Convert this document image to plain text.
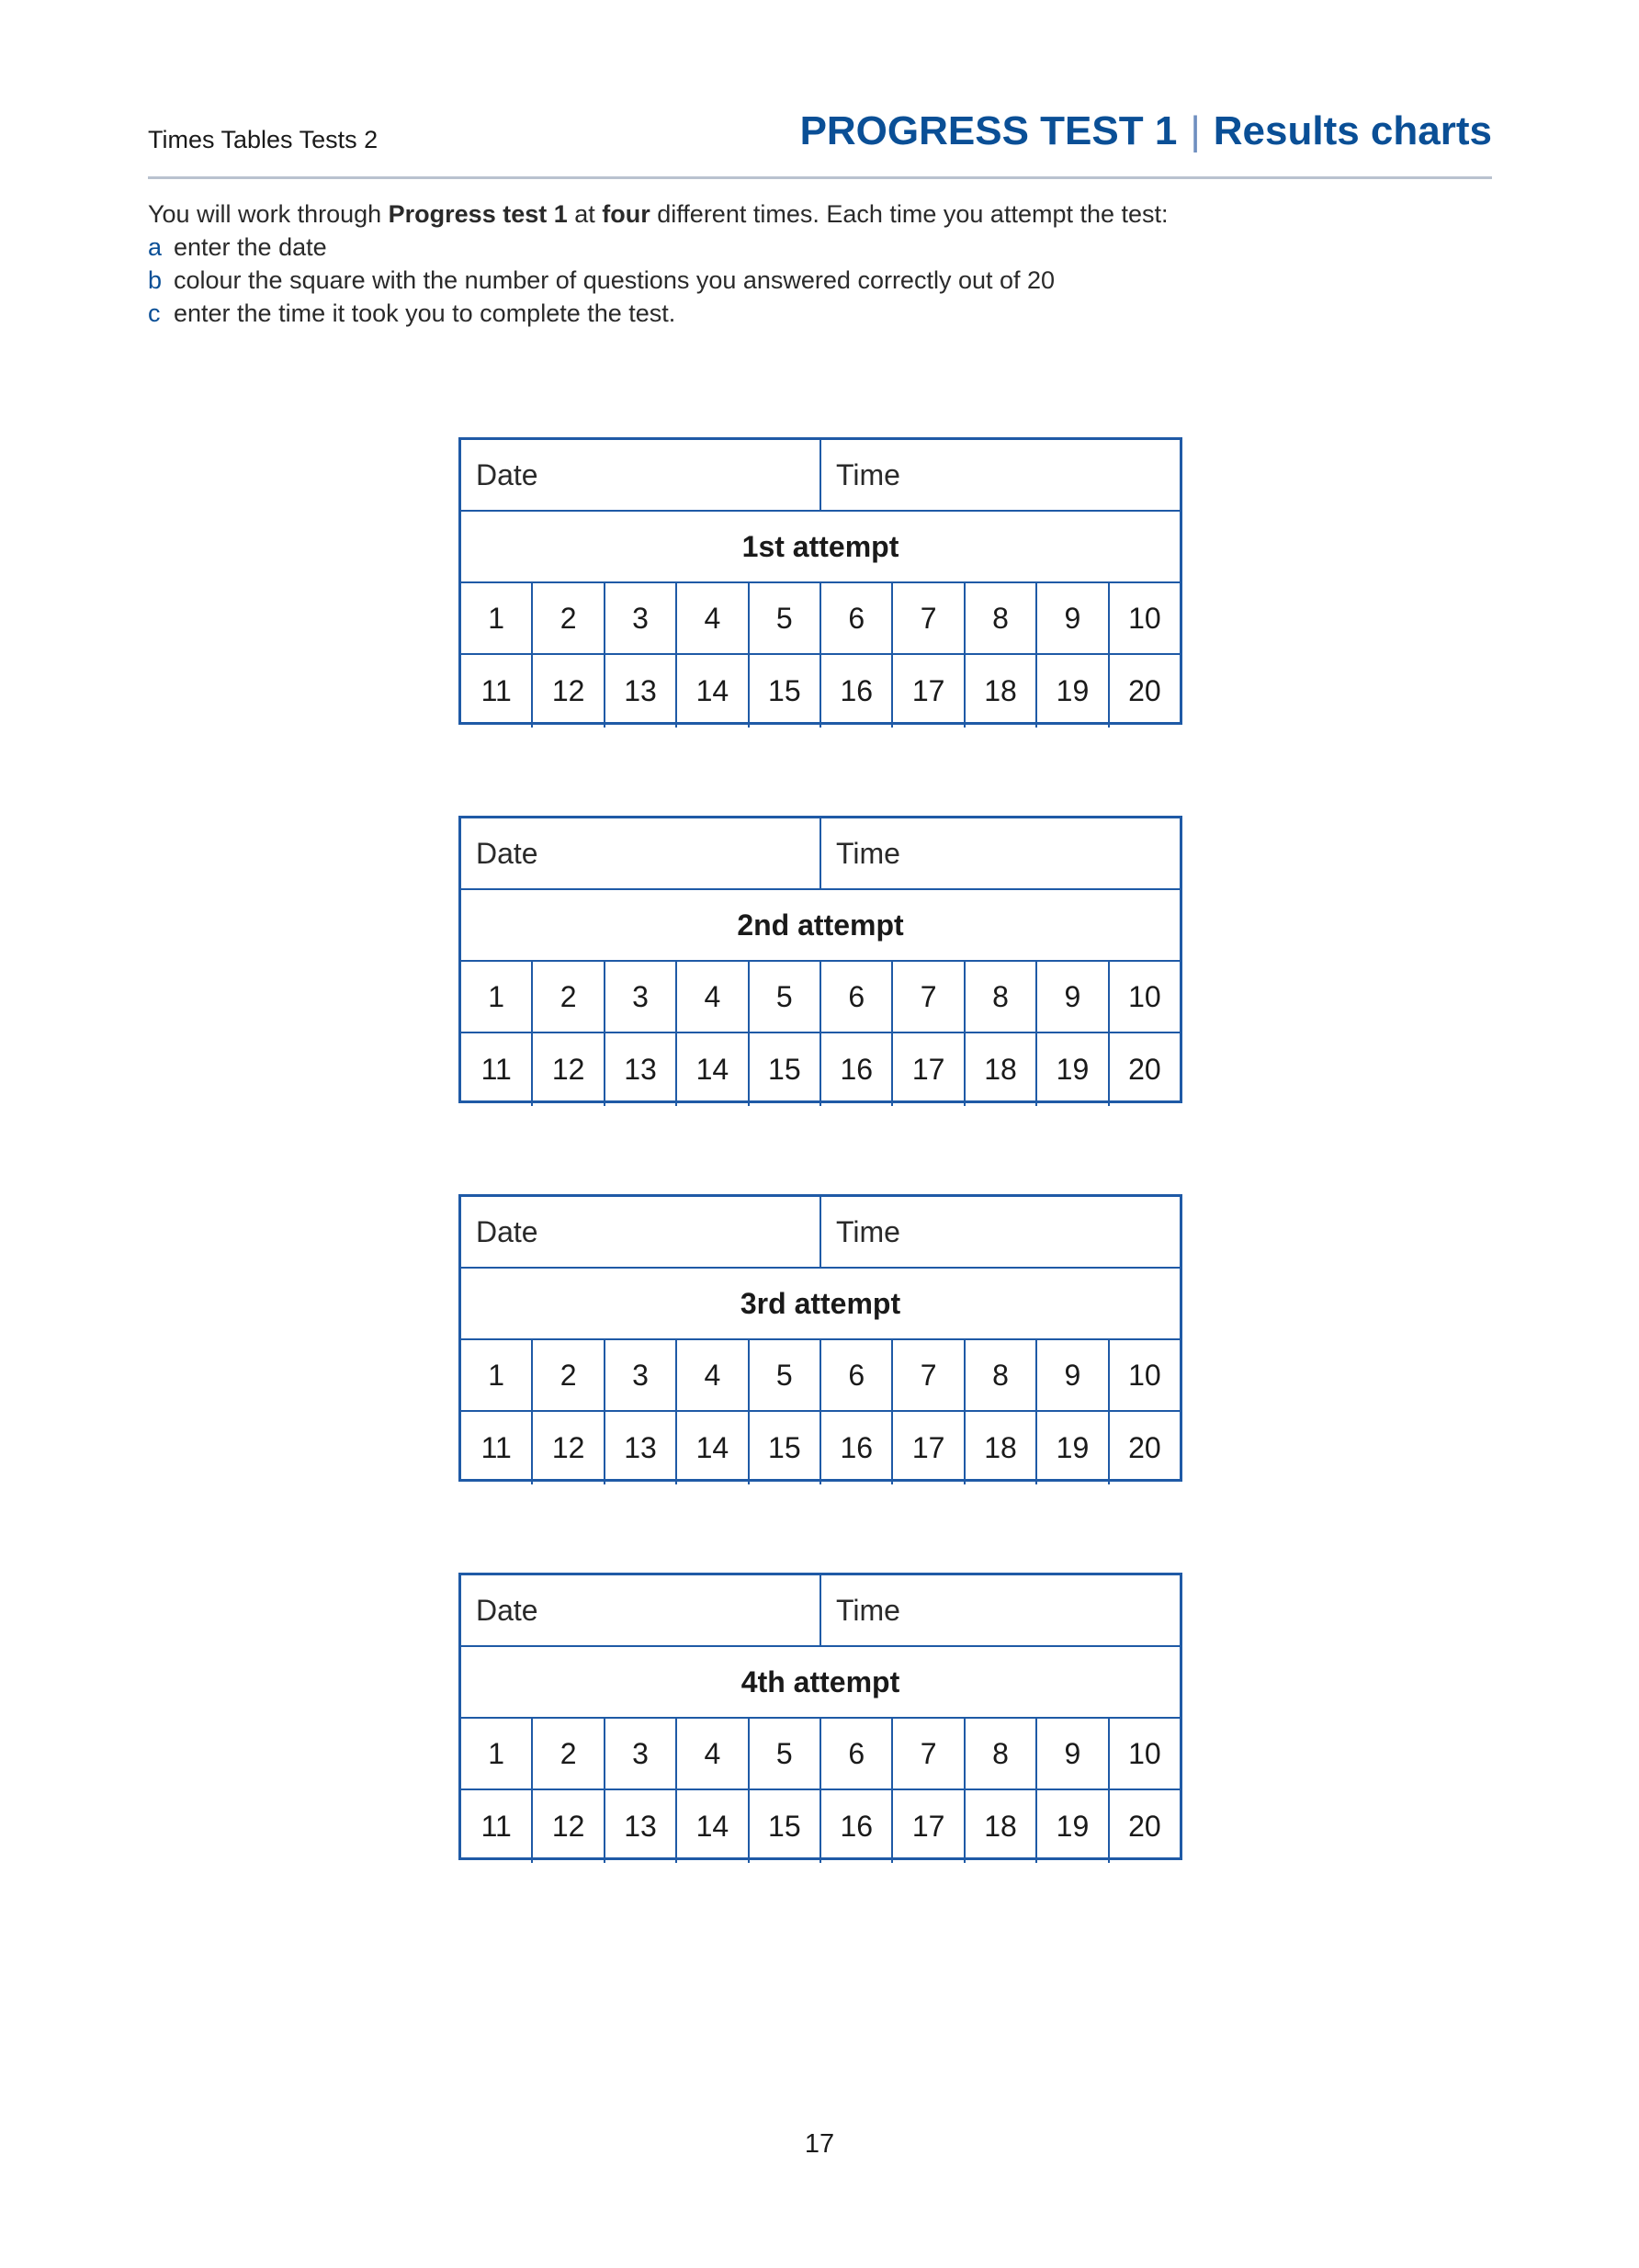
Times Tables Tests 2	PROGRESS TEST 1 | Results charts

You will work through Progress test 1 at four different times. Each time you attempt the test:

a enter the date

b colour the square with the number of questions you answered correctly out of 20

c enter the time it took you to complete the test.

Date	Time
1st attempt
1	2	3	4	5	6	7	8	9	10
11	12	13	14	15	16	17	18	19	20
Date	Time
2nd attempt
1	2	3	4	5	6	7	8	9	10
11	12	13	14	15	16	17	18	19	20
Date	Time
3rd attempt
1	2	3	4	5	6	7	8	9	10
11	12	13	14	15	16	17	18	19	20
Date	Time
4th attempt
1	2	3	4	5	6	7	8	9	10
11	12	13	14	15	16	17	18	19	20
17
